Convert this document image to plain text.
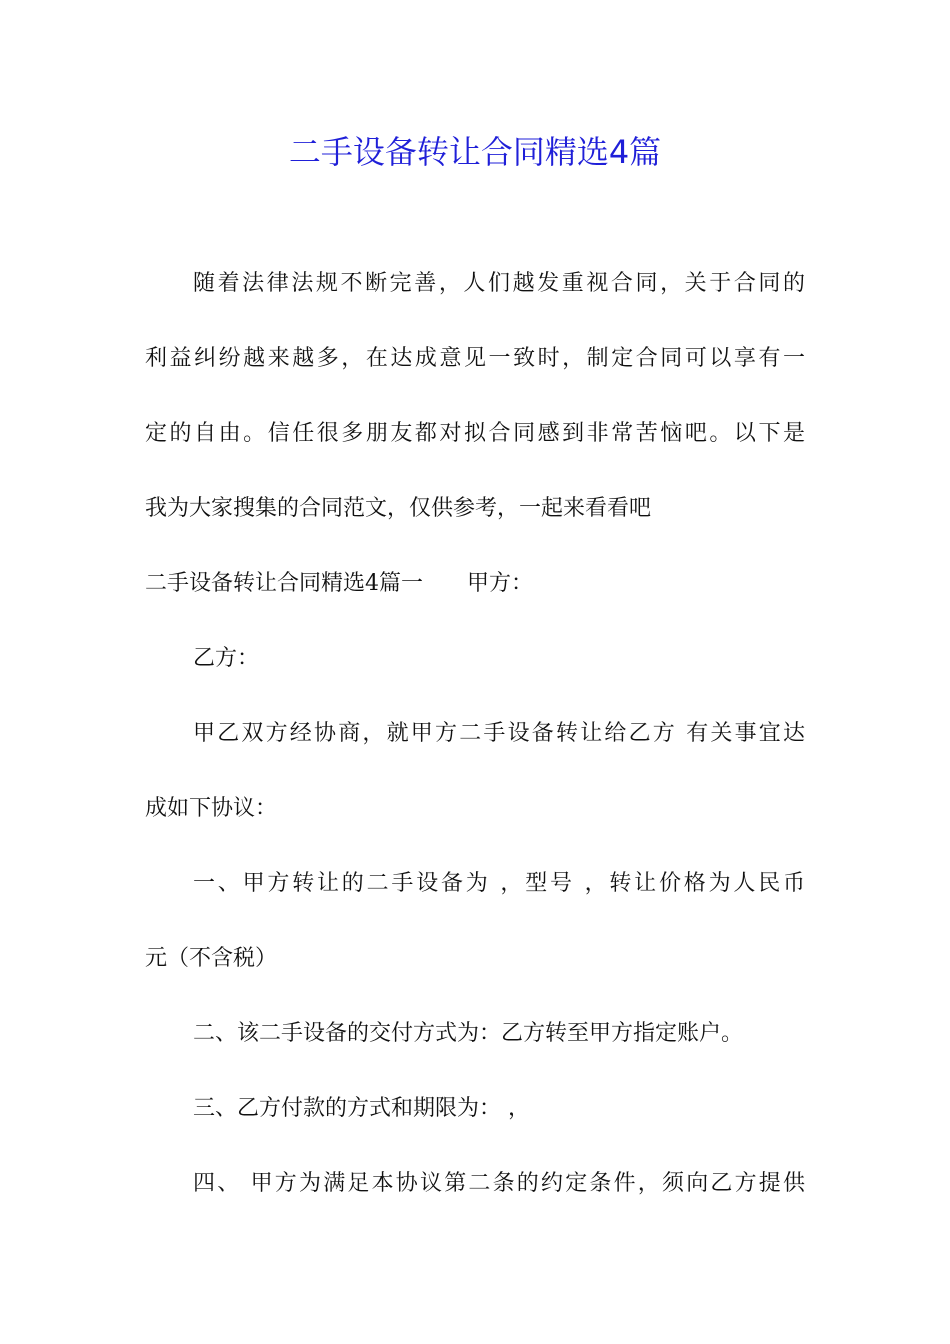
二手设备转让合同精选4篇

随着法律法规不断完善，人们越发重视合同，关于合同的

利益纠纷越来越多，在达成意见一致时，制定合同可以享有一

定的自由。信任很多朋友都对拟合同感到非常苦恼吧。以下是

我为大家搜集的合同范文，仅供参考，一起来看看吧

二手设备转让合同精选4篇一　　甲方：

乙方：

甲乙双方经协商，就甲方二手设备转让给乙方 有关事宜达

成如下协议：

一、甲方转让的二手设备为 ，型号 ，转让价格为人民币

元（不含税）

二、该二手设备的交付方式为：乙方转至甲方指定账户。

三、乙方付款的方式和期限为： ，

四、 甲方为满足本协议第二条的约定条件，须向乙方提供
